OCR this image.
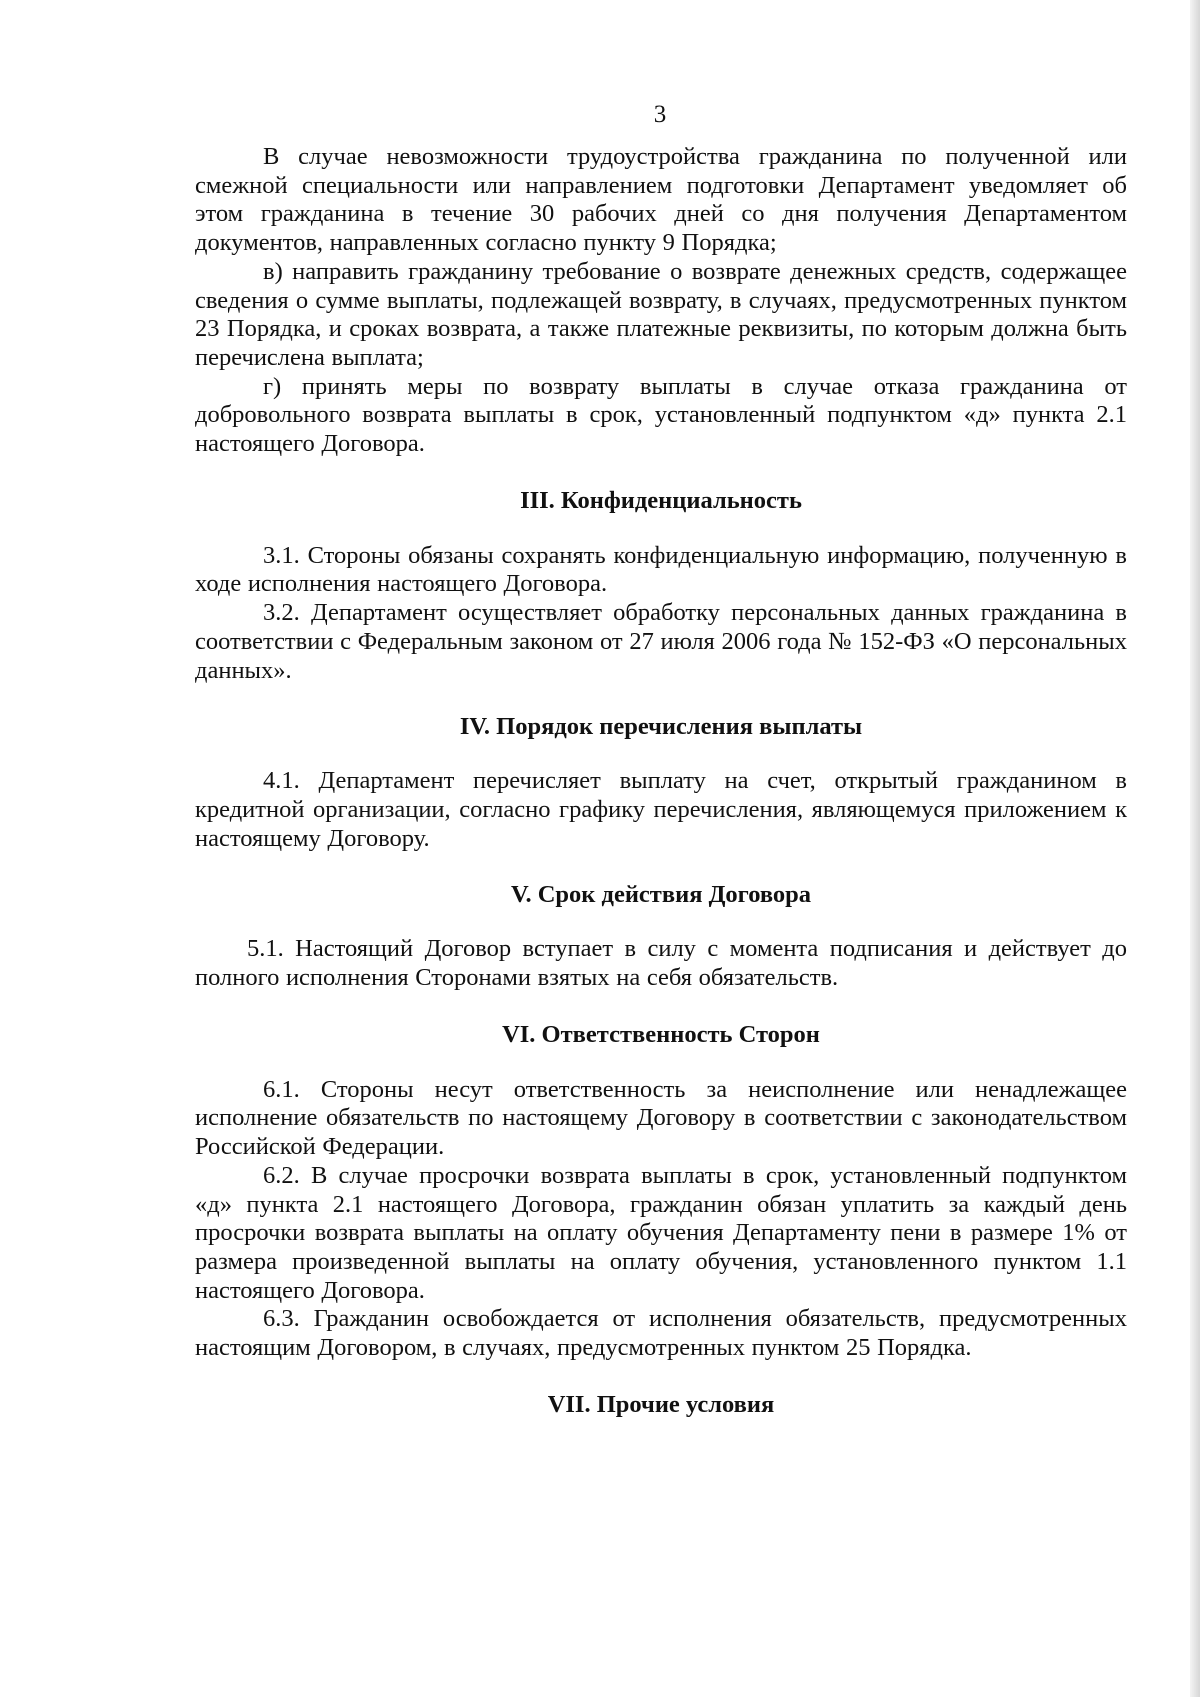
3

В случае невозможности трудоустройства гражданина по полученной или смежной специальности или направлением подготовки Департамент уведомляет об этом гражданина в течение 30 рабочих дней со дня получения Департаментом документов, направленных согласно пункту 9 Порядка;

в) направить гражданину требование о возврате денежных средств, содержащее сведения о сумме выплаты, подлежащей возврату, в случаях, предусмотренных пунктом 23 Порядка, и сроках возврата, а также платежные реквизиты, по которым должна быть перечислена выплата;

г) принять меры по возврату выплаты в случае отказа гражданина от добровольного возврата выплаты в срок, установленный подпунктом «д» пункта 2.1 настоящего Договора.

III. Конфиденциальность

3.1. Стороны обязаны сохранять конфиденциальную информацию, полученную в ходе исполнения настоящего Договора.

3.2. Департамент осуществляет обработку персональных данных гражданина в соответствии с Федеральным законом от 27 июля 2006 года № 152-ФЗ «О персональных данных».

IV. Порядок перечисления выплаты

4.1. Департамент перечисляет выплату на счет, открытый гражданином в кредитной организации, согласно графику перечисления, являющемуся приложением к настоящему Договору.

V. Срок действия Договора

5.1. Настоящий Договор вступает в силу с момента подписания и действует до полного исполнения Сторонами взятых на себя обязательств.

VI. Ответственность Сторон

6.1. Стороны несут ответственность за неисполнение или ненадлежащее исполнение обязательств по настоящему Договору в соответствии с законодательством Российской Федерации.

6.2. В случае просрочки возврата выплаты в срок, установленный подпунктом «д» пункта 2.1 настоящего Договора, гражданин обязан уплатить за каждый день просрочки возврата выплаты на оплату обучения Департаменту пени в размере 1% от размера произведенной выплаты на оплату обучения, установленного пунктом 1.1 настоящего Договора.

6.3. Гражданин освобождается от исполнения обязательств, предусмотренных настоящим Договором, в случаях, предусмотренных пунктом 25 Порядка.

VII. Прочие условия
